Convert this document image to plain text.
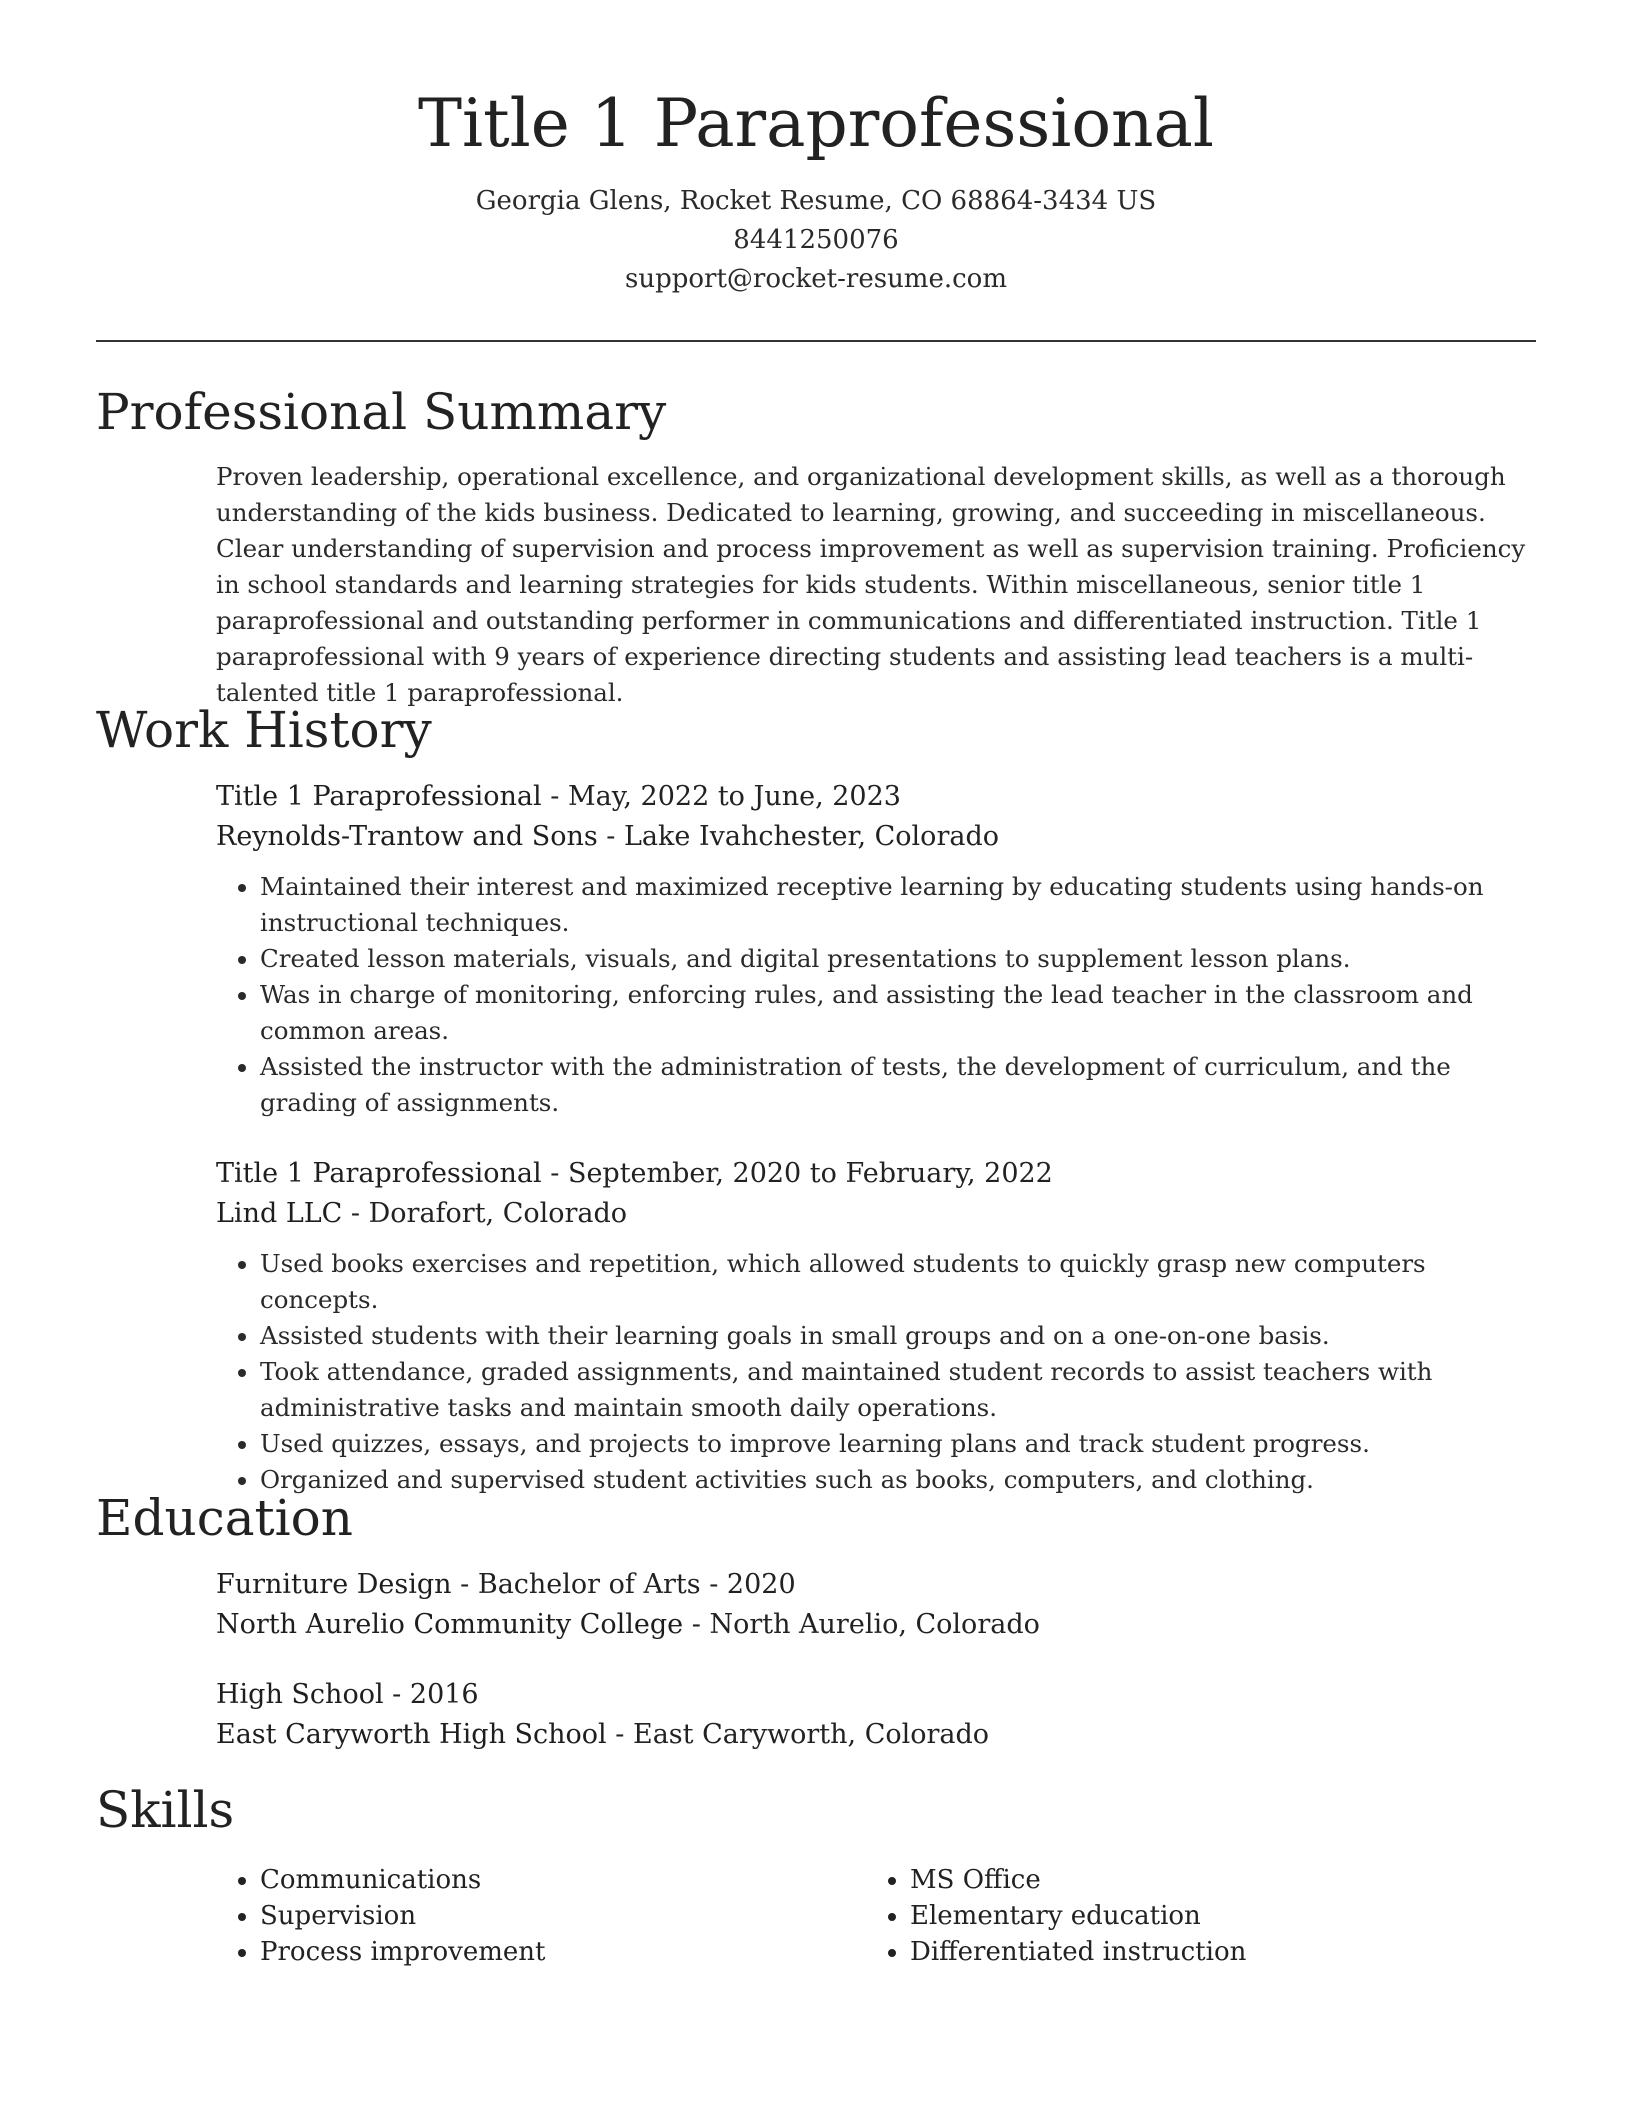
Title 1 Paraprofessional
Georgia Glens, Rocket Resume, CO 68864-3434 US
8441250076
support@rocket-resume.com
Professional Summary

Proven leadership, operational excellence, and organizational development skills, as well as a thorough understanding of the kids business. Dedicated to learning, growing, and succeeding in miscellaneous. Clear understanding of supervision and process improvement as well as supervision training. Proficiency in school standards and learning strategies for kids students. Within miscellaneous, senior title 1 paraprofessional and outstanding performer in communications and differentiated instruction. Title 1 paraprofessional with 9 years of experience directing students and assisting lead teachers is a multi-talented title 1 paraprofessional.

Work History
Title 1 Paraprofessional - May, 2022 to June, 2023
Reynolds-Trantow and Sons - Lake Ivahchester, Colorado
• Maintained their interest and maximized receptive learning by educating students using hands-on instructional techniques.
• Created lesson materials, visuals, and digital presentations to supplement lesson plans.
• Was in charge of monitoring, enforcing rules, and assisting the lead teacher in the classroom and common areas.
• Assisted the instructor with the administration of tests, the development of curriculum, and the grading of assignments.
Title 1 Paraprofessional - September, 2020 to February, 2022
Lind LLC - Dorafort, Colorado
• Used books exercises and repetition, which allowed students to quickly grasp new computers concepts.
• Assisted students with their learning goals in small groups and on a one-on-one basis.
• Took attendance, graded assignments, and maintained student records to assist teachers with administrative tasks and maintain smooth daily operations.
• Used quizzes, essays, and projects to improve learning plans and track student progress.
• Organized and supervised student activities such as books, computers, and clothing.
Education
Furniture Design - Bachelor of Arts - 2020
North Aurelio Community College - North Aurelio, Colorado
High School - 2016
East Caryworth High School - East Caryworth, Colorado
Skills
• Communications
• Supervision
• Process improvement
• MS Office
• Elementary education
• Differentiated instruction
